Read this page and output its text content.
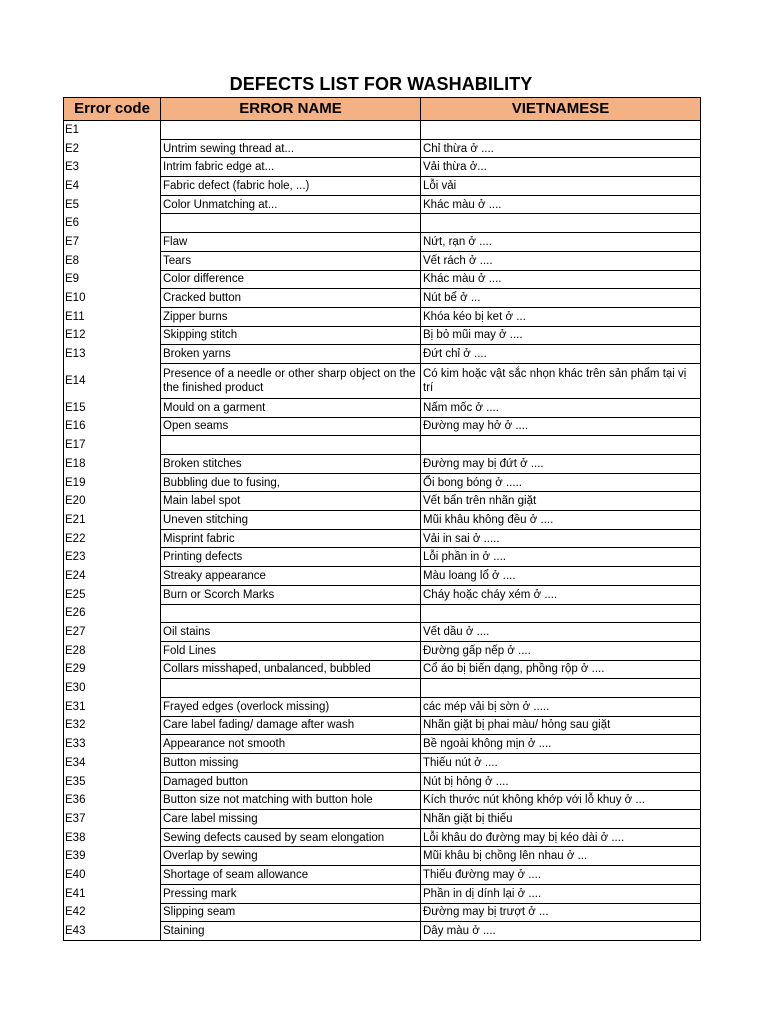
DEFECTS LIST FOR WASHABILITY
Error code	ERROR NAME	VIETNAMESE
E1		
E2	Untrim sewing thread at...	Chỉ thừa ở ....
E3	Intrim fabric edge at...	Vải thừa ở...
E4	Fabric defect (fabric hole, ...)	Lỗi vải
E5	Color Unmatching at...	Khác màu ở ....
E6		
E7	Flaw	Nứt, rạn ở ....
E8	Tears	Vết rách ở ....
E9	Color difference	Khác màu ở ....
E10	Cracked button	Nút bể ở ...
E11	Zipper burns	Khóa kéo bị ket ở ...
E12	Skipping stitch	Bị bỏ mũi may ở ....
E13	Broken yarns	Đứt chỉ ở ....
E14	Presence of a needle or other sharp object on the the finished product	Có kim hoặc vật sắc nhọn khác trên sản phẩm tại vị trí
E15	Mould on a garment	Nấm mốc ở ....
E16	Open seams	Đường may hở ở ....
E17		
E18	Broken stitches	Đường may bị đứt ở ....
E19	Bubbling due to fusing,	Ổi bong bóng ở .....
E20	Main label spot	Vết bẩn trên nhãn giặt
E21	Uneven stitching	Mũi khâu không đều ở ....
E22	Misprint fabric	Vải in sai ở .....
E23	Printing defects	Lỗi phần in ở ....
E24	Streaky appearance	Màu loang lổ ở ....
E25	Burn or Scorch Marks	Cháy hoặc cháy xém ở ....
E26		
E27	Oil stains	Vết dầu ở ....
E28	Fold Lines	Đường gấp nếp ở ....
E29	Collars misshaped, unbalanced, bubbled	Cổ áo bị biến dạng, phồng rộp ở ....
E30		
E31	Frayed edges (overlock missing)	các mép vải bị sờn ở .....
E32	Care label fading/ damage after wash	Nhãn giặt bị phai màu/ hỏng sau giặt
E33	Appearance not smooth	Bề ngoài không mịn ở ....
E34	Button missing	Thiếu nút ở ....
E35	Damaged button	Nút bị hỏng ở ....
E36	Button size not matching with button hole	Kích thước nút không khớp với lỗ khuy ở ...
E37	Care label missing	Nhãn giặt bị thiếu
E38	Sewing defects caused by seam elongation	Lỗi khâu do đường may bị kéo dài ở ....
E39	Overlap by sewing	Mũi khâu bị chồng lên nhau ở ...
E40	Shortage of seam allowance	Thiếu đường may ở ....
E41	Pressing mark	Phần in dị dính lại ở ....
E42	Slipping seam	Đường may bị trượt ở ...
E43	Staining	Dây màu ở ....
